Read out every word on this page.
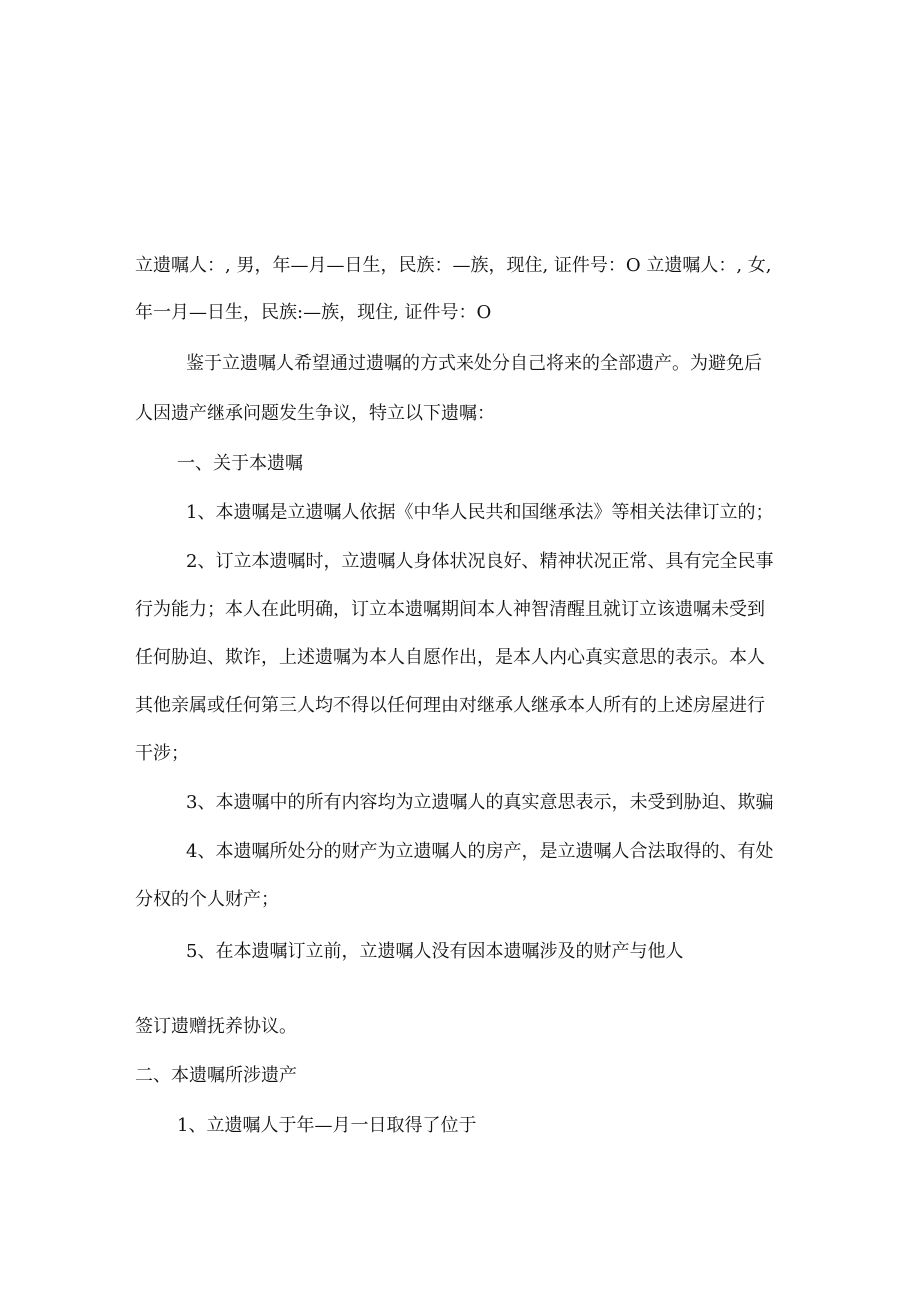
立遗嘱人：, 男，年—月—日生，民族：—族，现住, 证件号：O 立遗嘱人：, 女,
年一月—日生，民族:—族，现住, 证件号：O
鉴于立遗嘱人希望通过遗嘱的方式来处分自己将来的全部遗产。为避免后
人因遗产继承问题发生争议，特立以下遗嘱：
一、关于本遗嘱
1、本遗嘱是立遗嘱人依据《中华人民共和国继承法》等相关法律订立的；
2、订立本遗嘱时，立遗嘱人身体状况良好、精神状况正常、具有完全民事
行为能力；本人在此明确，订立本遗嘱期间本人神智清醒且就订立该遗嘱未受到
任何胁迫、欺诈，上述遗嘱为本人自愿作出，是本人内心真实意思的表示。本人
其他亲属或任何第三人均不得以任何理由对继承人继承本人所有的上述房屋进行
干涉；
3、本遗嘱中的所有内容均为立遗嘱人的真实意思表示，未受到胁迫、欺骗
4、本遗嘱所处分的财产为立遗嘱人的房产，是立遗嘱人合法取得的、有处
分权的个人财产；
5、在本遗嘱订立前，立遗嘱人没有因本遗嘱涉及的财产与他人
签订遗赠抚养协议。
二、本遗嘱所涉遗产
1、立遗嘱人于年—月一日取得了位于
